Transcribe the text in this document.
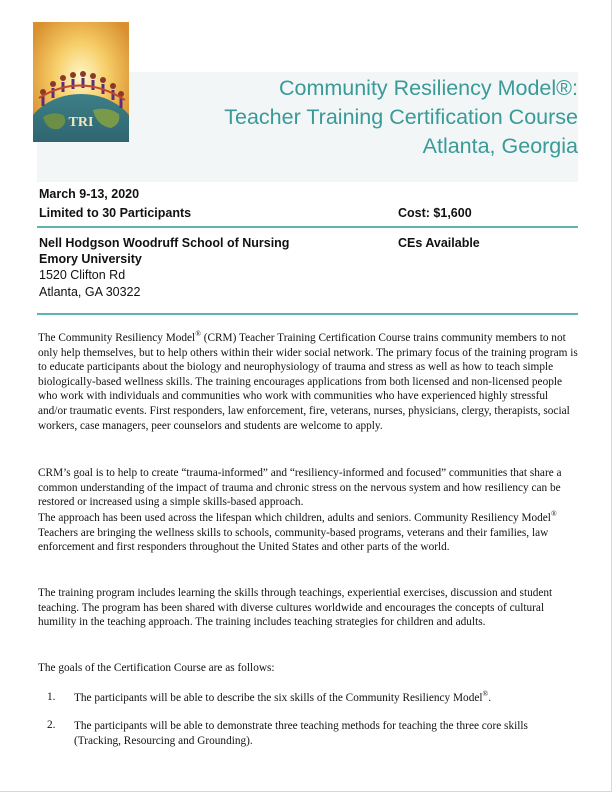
TRI
Community Resiliency Model®:
Teacher Training Certification Course
Atlanta, Georgia
March 9-13, 2020
Limited to 30 Participants	Cost: $1,600
Nell Hodgson Woodruff School of Nursing	CEs Available
Emory University
1520 Clifton Rd
Atlanta, GA 30322

The Community Resiliency Model® (CRM) Teacher Training Certification Course trains community members to not only help themselves, but to help others within their wider social network. The primary focus of the training program is to educate participants about the biology and neurophysiology of trauma and stress as well as how to teach simple biologically-based wellness skills. The training encourages applications from both licensed and non-licensed people who work with individuals and communities who work with communities who have experienced highly stressful and/or traumatic events. First responders, law enforcement, fire, veterans, nurses, physicians, clergy, therapists, social workers, case managers, peer counselors and students are welcome to apply.

CRM’s goal is to help to create “trauma-informed” and “resiliency-informed and focused” communities that share a common understanding of the impact of trauma and chronic stress on the nervous system and how resiliency can be restored or increased using a simple skills-based approach.

The approach has been used across the lifespan which children, adults and seniors. Community Resiliency Model® Teachers are bringing the wellness skills to schools, community-based programs, veterans and their families, law enforcement and first responders throughout the United States and other parts of the world.

The training program includes learning the skills through teachings, experiential exercises, discussion and student teaching. The program has been shared with diverse cultures worldwide and encourages the concepts of cultural humility in the teaching approach. The training includes teaching strategies for children and adults.

The goals of the Certification Course are as follows:

1. The participants will be able to describe the six skills of the Community Resiliency Model®.

2. The participants will be able to demonstrate three teaching methods for teaching the three core skills (Tracking, Resourcing and Grounding).
